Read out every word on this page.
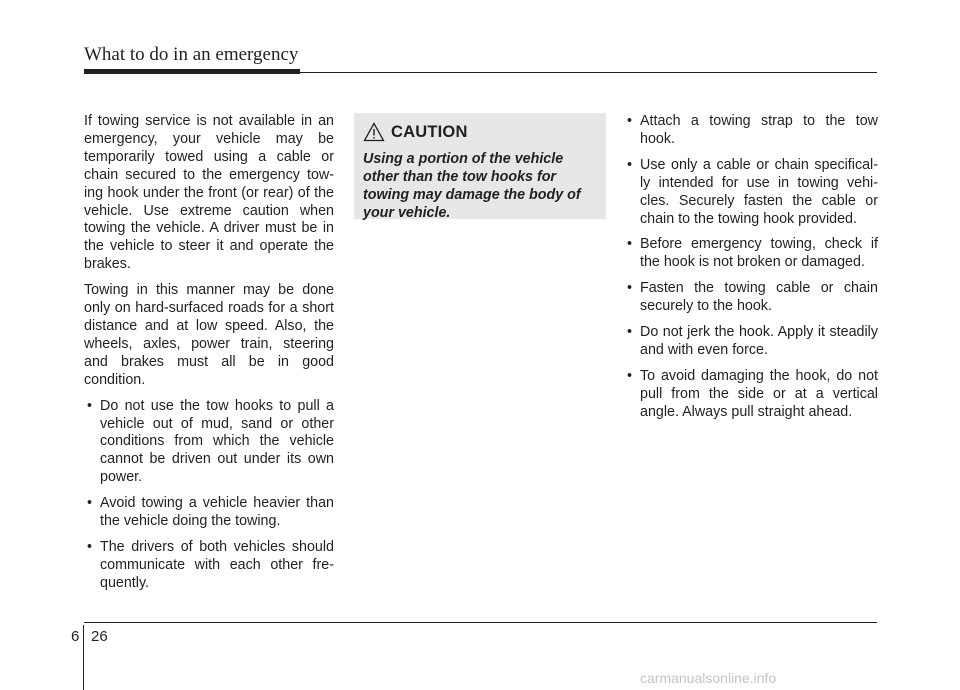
What to do in an emergency

If towing service is not available in an emergency, your vehicle may be temporarily towed using a cable or chain secured to the emergency tow-ing hook under the front (or rear) of the vehicle. Use extreme caution when towing the vehicle. A driver must be in the vehicle to steer it and operate the brakes.

Towing in this manner may be done only on hard-surfaced roads for a short distance and at low speed. Also, the wheels, axles, power train, steering and brakes must all be in good condition.

• Do not use the tow hooks to pull a vehicle out of mud, sand or other conditions from which the vehicle cannot be driven out under its own power.
• Avoid towing a vehicle heavier than the vehicle doing the towing.
• The drivers of both vehicles should communicate with each other fre-quently.
CAUTION

Using a portion of the vehicle other than the tow hooks for towing may damage the body of your vehicle.

• Attach a towing strap to the tow hook.
• Use only a cable or chain specifical-ly intended for use in towing vehi-cles. Securely fasten the cable or chain to the towing hook provided.
• Before emergency towing, check if the hook is not broken or damaged.
• Fasten the towing cable or chain securely to the hook.
• Do not jerk the hook. Apply it steadily and with even force.
• To avoid damaging the hook, do not pull from the side or at a vertical angle. Always pull straight ahead.
6 26
carmanualsonline.info
